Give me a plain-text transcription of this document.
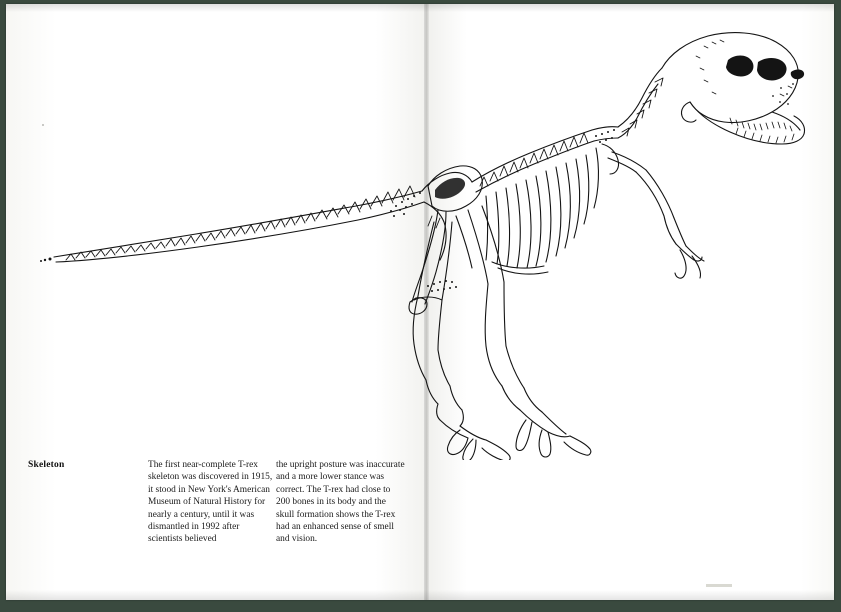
Skeleton	The first near-complete T-rex skeleton was discovered in 1915, it stood in New York's American Museum of Natural History for nearly a century, until it was dismantled in 1992 after scientists believed

the upright posture was inaccurate and a more lower stance was correct. The T-rex had close to 200 bones in its body and the skull formation shows the T-rex had an enhanced sense of smell and vision.
